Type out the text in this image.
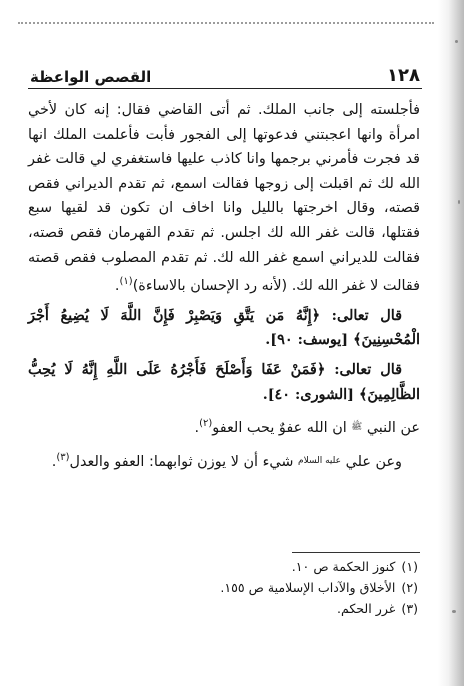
١٢٨
القصص الواعظة

فأجلسته إلى جانب الملك. ثم أتى القاضي فقال: إنه كان لأخي امرأة وانها اعجبتني فدعوتها إلى الفجور فأبت فأعلمت الملك انها قد فجرت فأمرني برجمها وانا كاذب عليها فاستغفري لي قالت غفر الله لك ثم اقبلت إلى زوجها فقالت اسمع، ثم تقدم الديراني فقص قصته، وقال اخرجتها بالليل وانا اخاف ان تكون قد لقيها سبع فقتلها، قالت غفر الله لك اجلس. ثم تقدم القهرمان فقص قصته، فقالت للديراني اسمع غفر الله لك. ثم تقدم المصلوب فقص قصته فقالت لا غفر الله لك. (لأنه رد الإحسان بالاساءة)$^{(١)}$.

قال تعالى: ﴿إِنَّهُ مَن يَتَّقِ وَيَصْبِرْ فَإِنَّ اللَّهَ لَا يُضِيعُ أَجْرَ الْمُحْسِنِينَ﴾ [يوسف: ٩٠].

قال تعالى: ﴿فَمَنْ عَفَا وَأَصْلَحَ فَأَجْرُهُ عَلَى اللَّهِ إِنَّهُ لَا يُحِبُّ الظَّالِمِينَ﴾ [الشورى: ٤٠].

عن النبي $^ﷺ$ ان الله عفوٌ يحب العفو$^{(٢)}$.

وعن علي $^{عليه السلام}$ شيء أن لا يوزن ثوابهما: العفو والعدل$^{(٣)}$.

(١)
كنوز الحكمة ص ١٠.
(٢)
الأخلاق والآداب الإسلامية ص ١٥٥.
(٣)
غرر الحكم.
